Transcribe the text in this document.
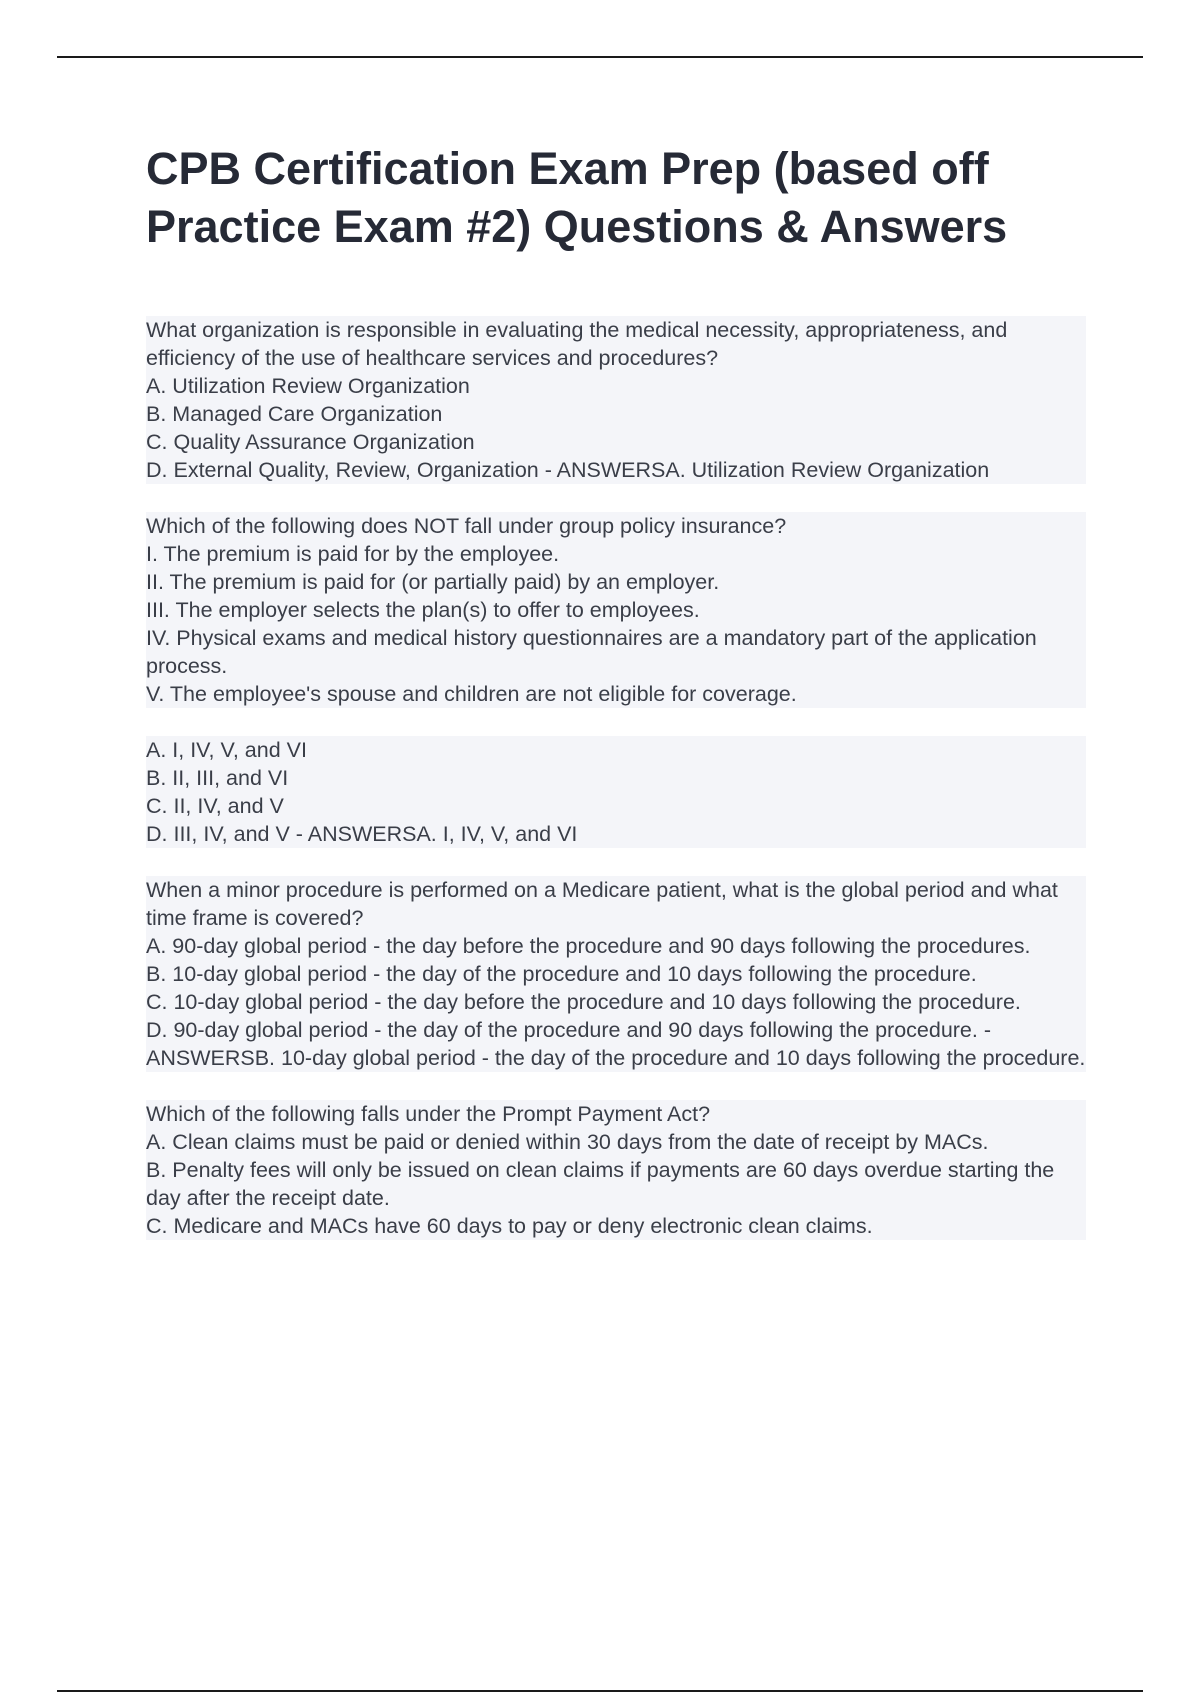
CPB Certification Exam Prep (based off Practice Exam #2) Questions & Answers
What organization is responsible in evaluating the medical necessity, appropriateness, and efficiency of the use of healthcare services and procedures?
A. Utilization Review Organization
B. Managed Care Organization
C. Quality Assurance Organization
D. External Quality, Review, Organization - ANSWERSA. Utilization Review Organization
Which of the following does NOT fall under group policy insurance?
I. The premium is paid for by the employee.
II. The premium is paid for (or partially paid) by an employer.
III. The employer selects the plan(s) to offer to employees.
IV. Physical exams and medical history questionnaires are a mandatory part of the application process.
V. The employee's spouse and children are not eligible for coverage.
A. I, IV, V, and VI
B. II, III, and VI
C. II, IV, and V
D. III, IV, and V - ANSWERSA. I, IV, V, and VI
When a minor procedure is performed on a Medicare patient, what is the global period and what time frame is covered?
A. 90-day global period - the day before the procedure and 90 days following the procedures.
B. 10-day global period - the day of the procedure and 10 days following the procedure.
C. 10-day global period - the day before the procedure and 10 days following the procedure.
D. 90-day global period - the day of the procedure and 90 days following the procedure. - ANSWERSB. 10-day global period - the day of the procedure and 10 days following the procedure.
Which of the following falls under the Prompt Payment Act?
A. Clean claims must be paid or denied within 30 days from the date of receipt by MACs.
B. Penalty fees will only be issued on clean claims if payments are 60 days overdue starting the day after the receipt date.
C. Medicare and MACs have 60 days to pay or deny electronic clean claims.
